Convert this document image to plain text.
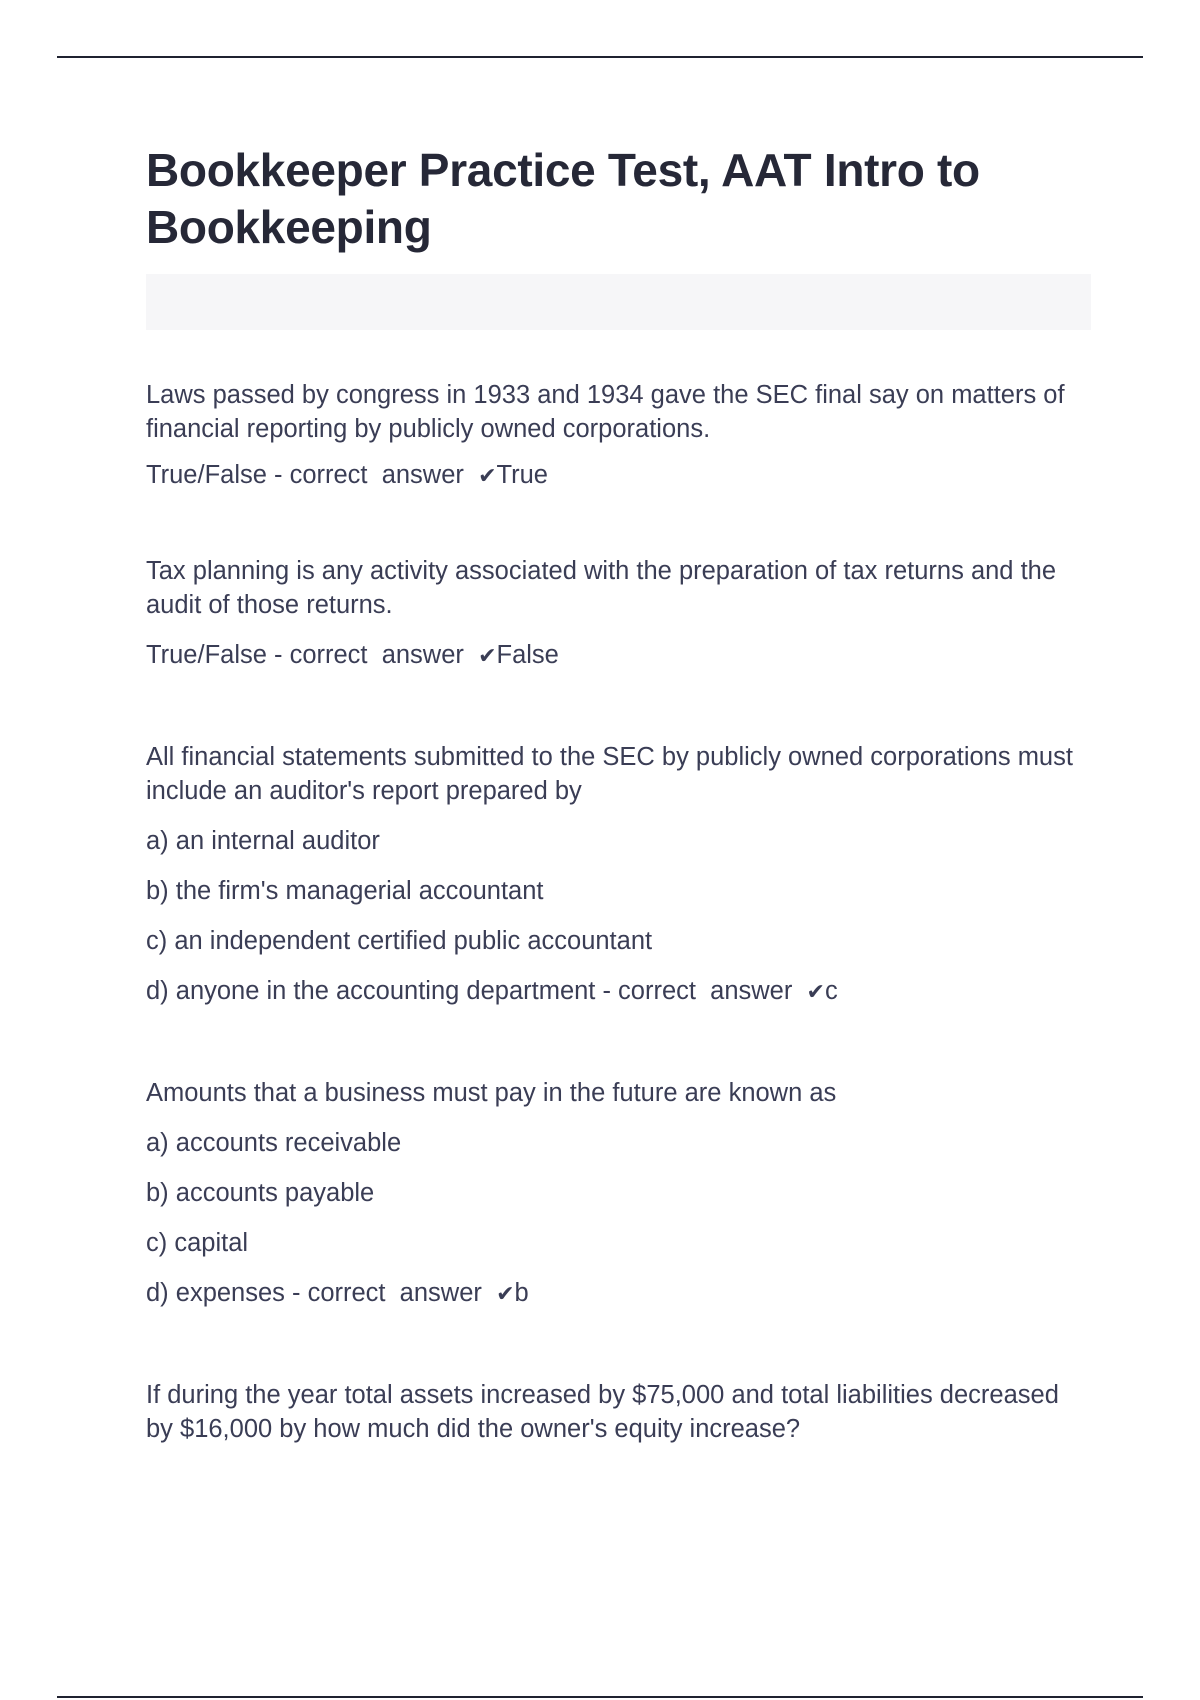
Bookkeeper Practice Test, AAT Intro to Bookkeeping

Laws passed by congress in 1933 and 1934 gave the SEC final say on matters of financial reporting by publicly owned corporations.

True/False - correct  answer  ✔True

Tax planning is any activity associated with the preparation of tax returns and the audit of those returns.

True/False - correct  answer  ✔False

All financial statements submitted to the SEC by publicly owned corporations must include an auditor's report prepared by

a) an internal auditor

b) the firm's managerial accountant

c) an independent certified public accountant

d) anyone in the accounting department - correct  answer  ✔c

Amounts that a business must pay in the future are known as

a) accounts receivable

b) accounts payable

c) capital

d) expenses - correct  answer  ✔b

If during the year total assets increased by $75,000 and total liabilities decreased by $16,000 by how much did the owner's equity increase?
